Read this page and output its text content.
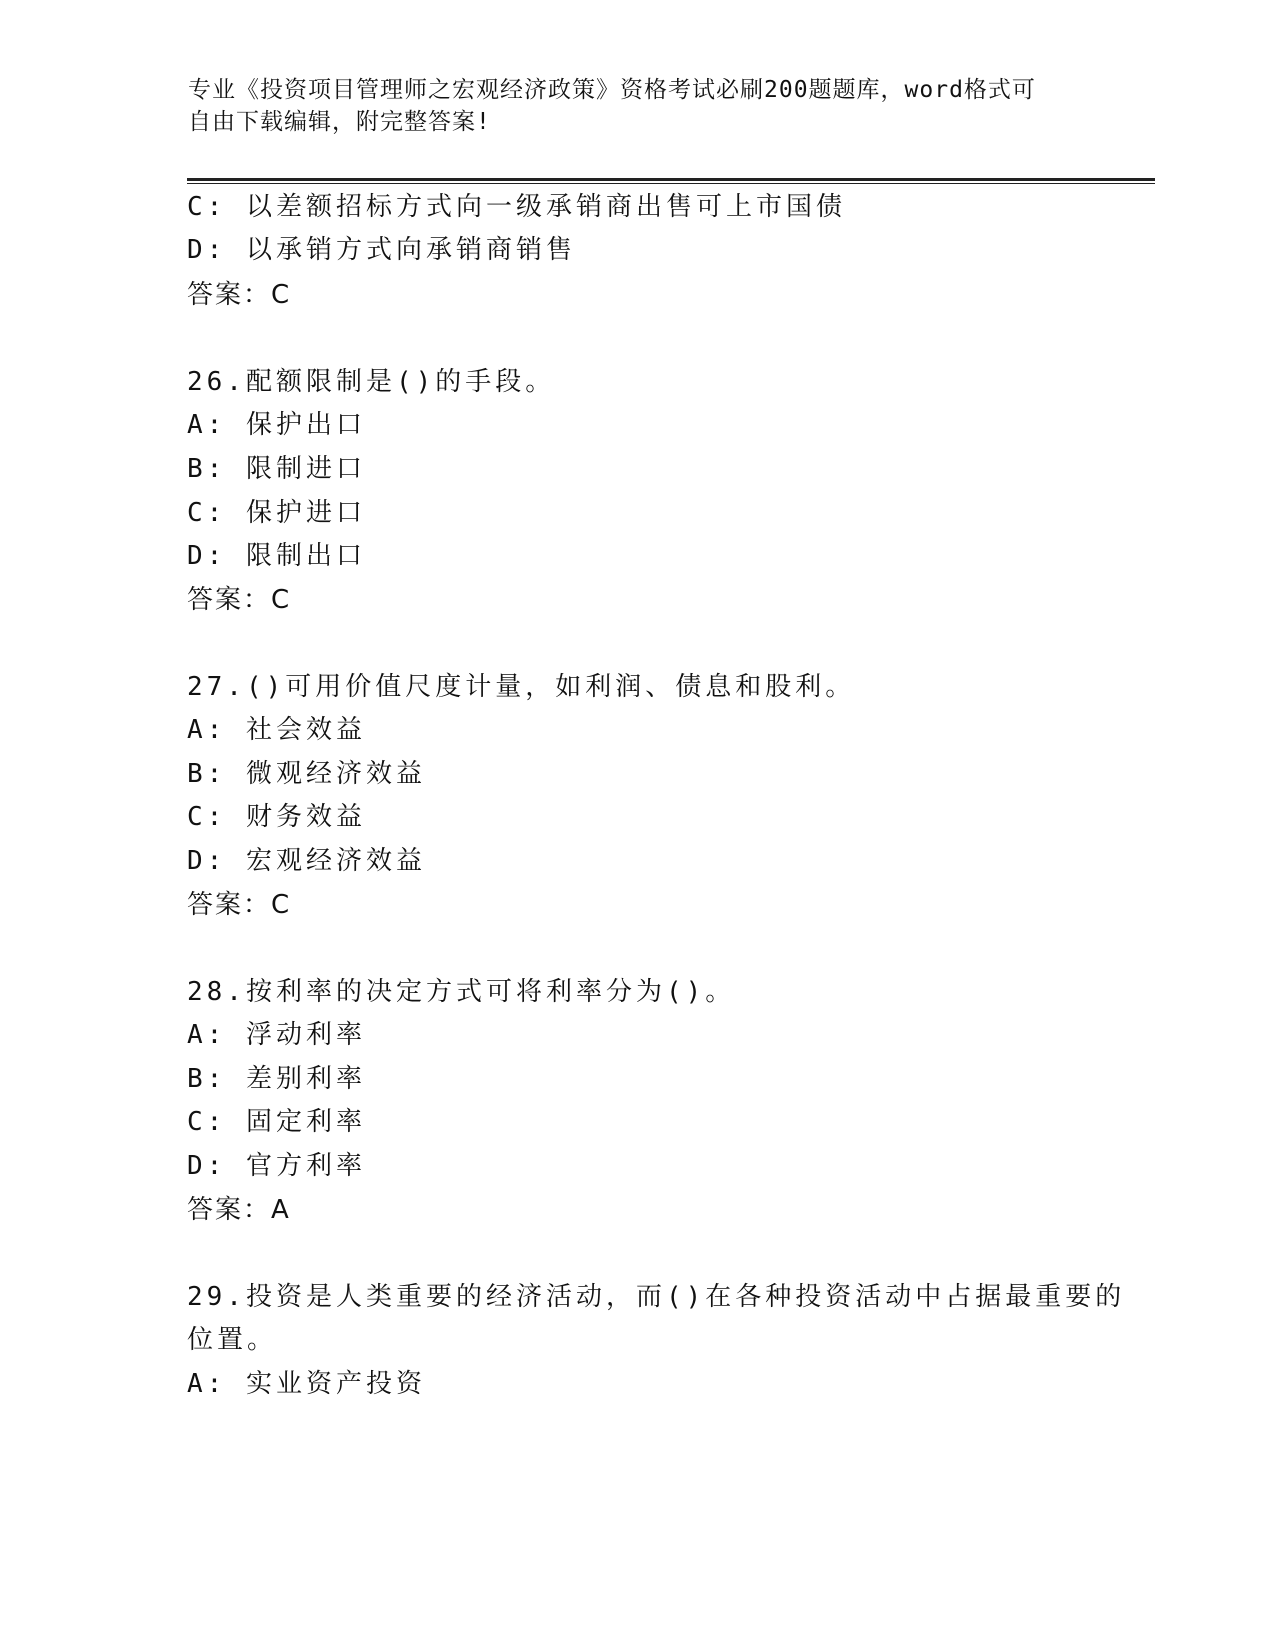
专业《投资项目管理师之宏观经济政策》资格考试必刷200题题库，word格式可
自由下载编辑，附完整答案!
C: 以差额招标方式向一级承销商出售可上市国债
D: 以承销方式向承销商销售
答案：C
26.配额限制是()的手段。
A: 保护出口
B: 限制进口
C: 保护进口
D: 限制出口
答案：C
27.()可用价值尺度计量，如利润、债息和股利。
A: 社会效益
B: 微观经济效益
C: 财务效益
D: 宏观经济效益
答案：C
28.按利率的决定方式可将利率分为()。
A: 浮动利率
B: 差别利率
C: 固定利率
D: 官方利率
答案：A
29.投资是人类重要的经济活动，而()在各种投资活动中占据最重要的
位置。
A: 实业资产投资
